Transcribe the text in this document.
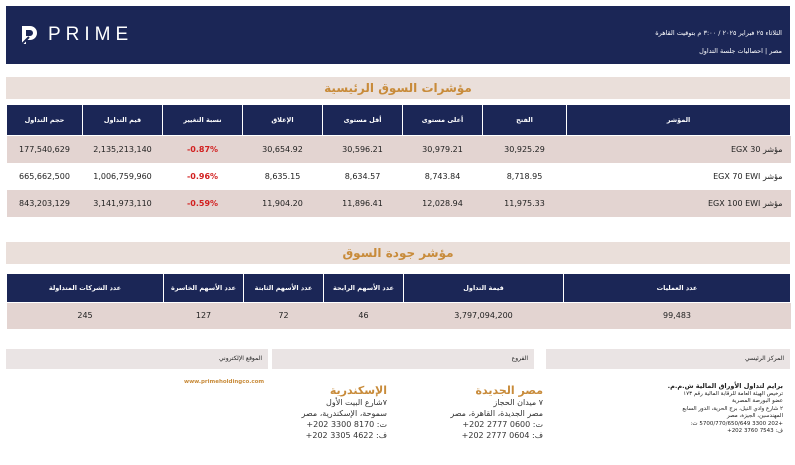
PRIME	الثلاثاء ٢٥ فبراير ٢٠٢٥ / ٣:٠٠ م بتوقيت القاهرة
مصر | احصاليات جلسة التداول
مؤشرات السوق الرئيسية
حجم التداول	قيم التداول	نسبة التغيير	الإغلاق	أقل مستوى	أعلى مستوى	الفتح	المؤشر
177,540,629	2,135,213,140	-0.87%	30,654.92	30,596.21	30,979.21	30,925.29	مؤشر EGX 30
665,662,500	1,006,759,960	-0.96%	8,635.15	8,634.57	8,743.84	8,718.95	مؤشر EGX 70 EWI
843,203,129	3,141,973,110	-0.59%	11,904.20	11,896.41	12,028.94	11,975.33	مؤشر EGX 100 EWI
مؤشر جودة السوق
عدد الشركات المتداولة	عدد الأسهم الخاسرة	عدد الأسهم الثابتة	عدد الأسهم الرابحة	قيمة التداول	عدد العمليات
245	127	72	46	3,797,094,200	99,483
الموقع الإلكتروني	الفروع	المركز الرئيسي
www.primeholdingco.com
الإسكندرية
٧شارع البيت الأول
سموحة، الإسكندرية، مصر
ت: 8170 3300 202+
ف: 4622 3305 202+
مصر الجديدة
٧ ميدان الحجاز
مصر الجديدة، القاهرة، مصر
ت: 0600 2777 202+
ف: 0604 2777 202+
برايم لتداول الأوراق المالية ش.م.م.
ترخيص الهيئة العامة للرقابة المالية رقم ١٧٣
عضو البورصة المصرية
٢ شارع وادي النيل، برج الحرية، الدور السابع
المهندسين، الجيزة، مصر
+202 3300 5700/770/650/649 ت:
ف: 7543 3760 202+
